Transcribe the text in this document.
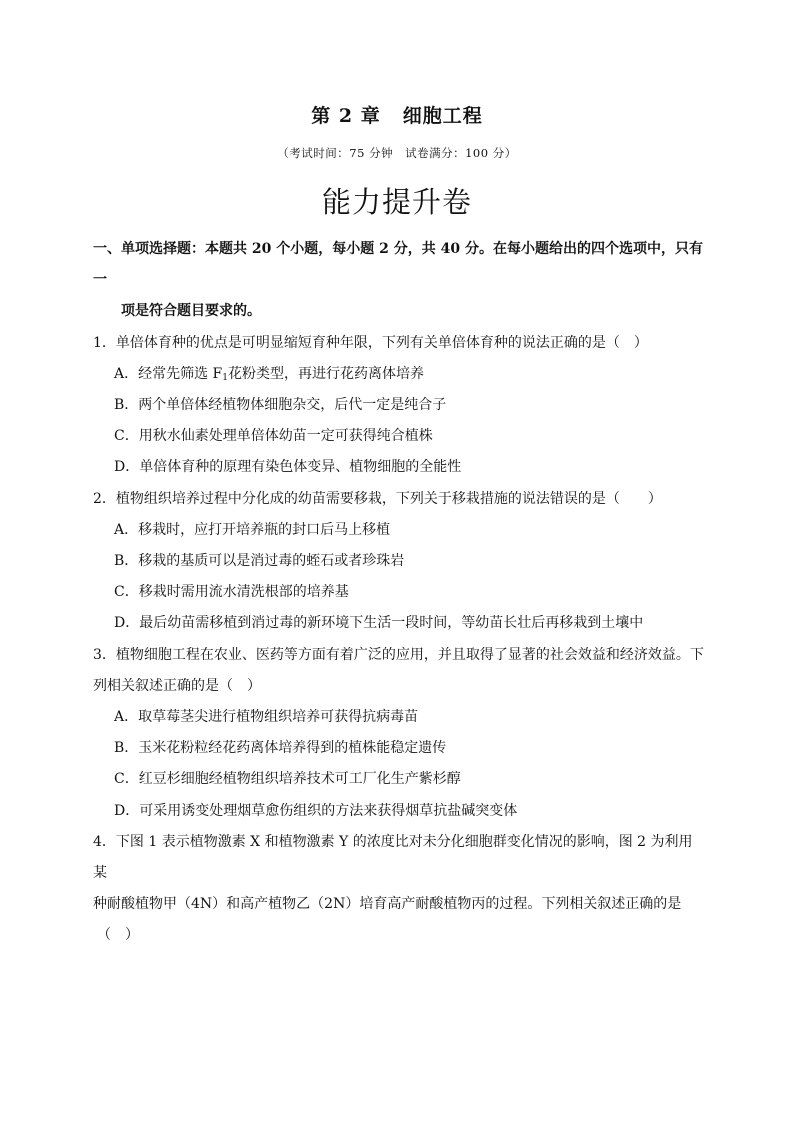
第 2 章 细胞工程
（考试时间：75 分钟　试卷满分：100 分）
能力提升卷
一、单项选择题：本题共 20 个小题，每小题 2 分，共 40 分。在每小题给出的四个选项中，只有一
项是符合题目要求的。
1．单倍体育种的优点是可明显缩短育种年限，下列有关单倍体育种的说法正确的是（　）
A．经常先筛选 $F_1$花粉类型，再进行花药离体培养
B．两个单倍体经植物体细胞杂交，后代一定是纯合子
C．用秋水仙素处理单倍体幼苗一定可获得纯合植株
D．单倍体育种的原理有染色体变异、植物细胞的全能性
2．植物组织培养过程中分化成的幼苗需要移栽，下列关于移栽措施的说法错误的是（　　）
A．移栽时，应打开培养瓶的封口后马上移植
B．移栽的基质可以是消过毒的蛭石或者珍珠岩
C．移栽时需用流水清洗根部的培养基
D．最后幼苗需移植到消过毒的新环境下生活一段时间，等幼苗长壮后再移栽到土壤中
3．植物细胞工程在农业、医药等方面有着广泛的应用，并且取得了显著的社会效益和经济效益。下
列相关叙述正确的是（　）
A．取草莓茎尖进行植物组织培养可获得抗病毒苗
B．玉米花粉粒经花药离体培养得到的植株能稳定遗传
C．红豆杉细胞经植物组织培养技术可工厂化生产紫杉醇
D．可采用诱变处理烟草愈伤组织的方法来获得烟草抗盐碱突变体
4．下图 1 表示植物激素 X 和植物激素 Y 的浓度比对未分化细胞群变化情况的影响，图 2 为利用某
种耐酸植物甲（4N）和高产植物乙（2N）培育高产耐酸植物丙的过程。下列相关叙述正确的是
（　）
